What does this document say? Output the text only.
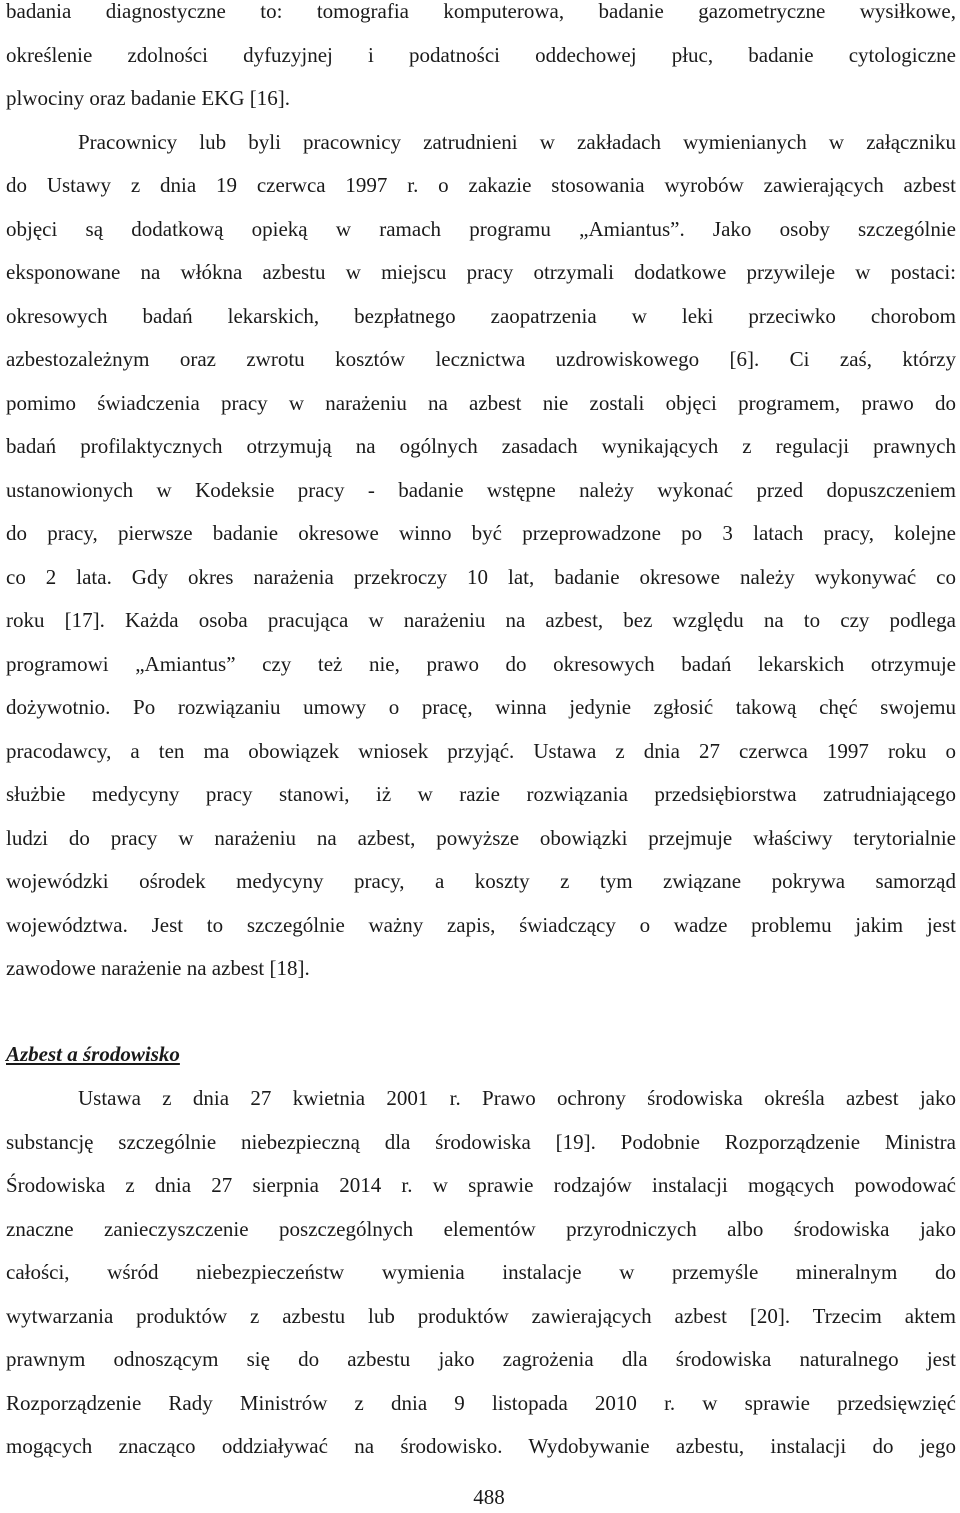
badania diagnostyczne to: tomografia komputerowa, badanie gazometryczne wysiłkowe,
określenie zdolności dyfuzyjnej i podatności oddechowej płuc, badanie cytologiczne
plwociny oraz badanie EKG [16].
Pracownicy lub byli pracownicy zatrudnieni w zakładach wymienianych w załączniku
do Ustawy z dnia 19 czerwca 1997 r. o zakazie stosowania wyrobów zawierających azbest
objęci są dodatkową opieką w ramach programu „Amiantus”. Jako osoby szczególnie
eksponowane na włókna azbestu w miejscu pracy otrzymali dodatkowe przywileje w postaci:
okresowych badań lekarskich, bezpłatnego zaopatrzenia w leki przeciwko chorobom
azbestozależnym oraz zwrotu kosztów lecznictwa uzdrowiskowego [6]. Ci zaś, którzy
pomimo świadczenia pracy w narażeniu na azbest nie zostali objęci programem, prawo do
badań profilaktycznych otrzymują na ogólnych zasadach wynikających z regulacji prawnych
ustanowionych w Kodeksie pracy - badanie wstępne należy wykonać przed dopuszczeniem
do pracy, pierwsze badanie okresowe winno być przeprowadzone po 3 latach pracy, kolejne
co 2 lata. Gdy okres narażenia przekroczy 10 lat, badanie okresowe należy wykonywać co
roku [17]. Każda osoba pracująca w narażeniu na azbest, bez względu na to czy podlega
programowi „Amiantus” czy też nie, prawo do okresowych badań lekarskich otrzymuje
dożywotnio. Po rozwiązaniu umowy o pracę, winna jedynie zgłosić takową chęć swojemu
pracodawcy, a ten ma obowiązek wniosek przyjąć. Ustawa z dnia 27 czerwca 1997 roku o
służbie medycyny pracy stanowi, iż w razie rozwiązania przedsiębiorstwa zatrudniającego
ludzi do pracy w narażeniu na azbest, powyższe obowiązki przejmuje właściwy terytorialnie
wojewódzki ośrodek medycyny pracy, a koszty z tym związane pokrywa samorząd
województwa. Jest to szczególnie ważny zapis, świadczący o wadze problemu jakim jest
zawodowe narażenie na azbest [18].
Azbest a środowisko
Ustawa z dnia 27 kwietnia 2001 r. Prawo ochrony środowiska określa azbest jako
substancję szczególnie niebezpieczną dla środowiska [19]. Podobnie Rozporządzenie Ministra
Środowiska z dnia 27 sierpnia 2014 r. w sprawie rodzajów instalacji mogących powodować
znaczne zanieczyszczenie poszczególnych elementów przyrodniczych albo środowiska jako
całości, wśród niebezpieczeństw wymienia instalacje w przemyśle mineralnym do
wytwarzania produktów z azbestu lub produktów zawierających azbest [20]. Trzecim aktem
prawnym odnoszącym się do azbestu jako zagrożenia dla środowiska naturalnego jest
Rozporządzenie Rady Ministrów z dnia 9 listopada 2010 r. w sprawie przedsięwzięć
mogących znacząco oddziaływać na środowisko. Wydobywanie azbestu, instalacji do jego
488
